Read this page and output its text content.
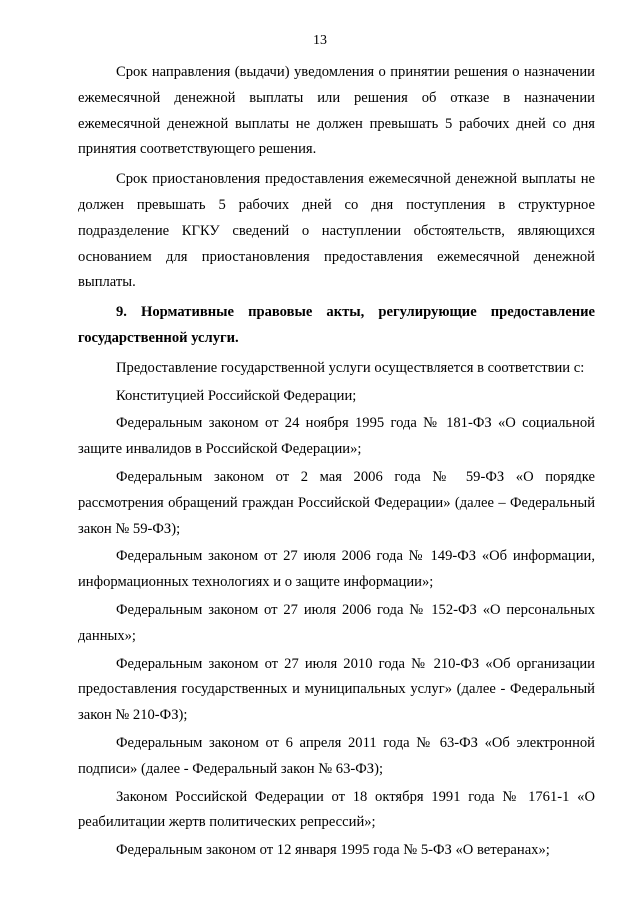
13

Срок направления (выдачи) уведомления о принятии решения о назначении ежемесячной денежной выплаты или решения об отказе в назначении ежемесячной денежной выплаты не должен превышать 5 рабочих дней со дня принятия соответствующего решения.

Срок приостановления предоставления ежемесячной денежной выплаты не должен превышать 5 рабочих дней со дня поступления в структурное подразделение КГКУ сведений о наступлении обстоятельств, являющихся основанием для приостановления предоставления ежемесячной денежной выплаты.

9. Нормативные правовые акты, регулирующие предоставление государственной услуги.

Предоставление государственной услуги осуществляется в соответствии с:

Конституцией Российской Федерации;

Федеральным законом от 24 ноября 1995 года № 181-ФЗ «О социальной защите инвалидов в Российской Федерации»;

Федеральным законом от 2 мая 2006 года № 59-ФЗ «О порядке рассмотрения обращений граждан Российской Федерации» (далее – Федеральный закон № 59-ФЗ);

Федеральным законом от 27 июля 2006 года № 149-ФЗ «Об информации, информационных технологиях и о защите информации»;

Федеральным законом от 27 июля 2006 года № 152-ФЗ «О персональных данных»;

Федеральным законом от 27 июля 2010 года № 210-ФЗ «Об организации предоставления государственных и муниципальных услуг» (далее - Федеральный закон № 210-ФЗ);

Федеральным законом от 6 апреля 2011 года № 63-ФЗ «Об электронной подписи» (далее - Федеральный закон № 63-ФЗ);

Законом Российской Федерации от 18 октября 1991 года № 1761-1 «О реабилитации жертв политических репрессий»;

Федеральным законом от 12 января 1995 года № 5-ФЗ «О ветеранах»;
